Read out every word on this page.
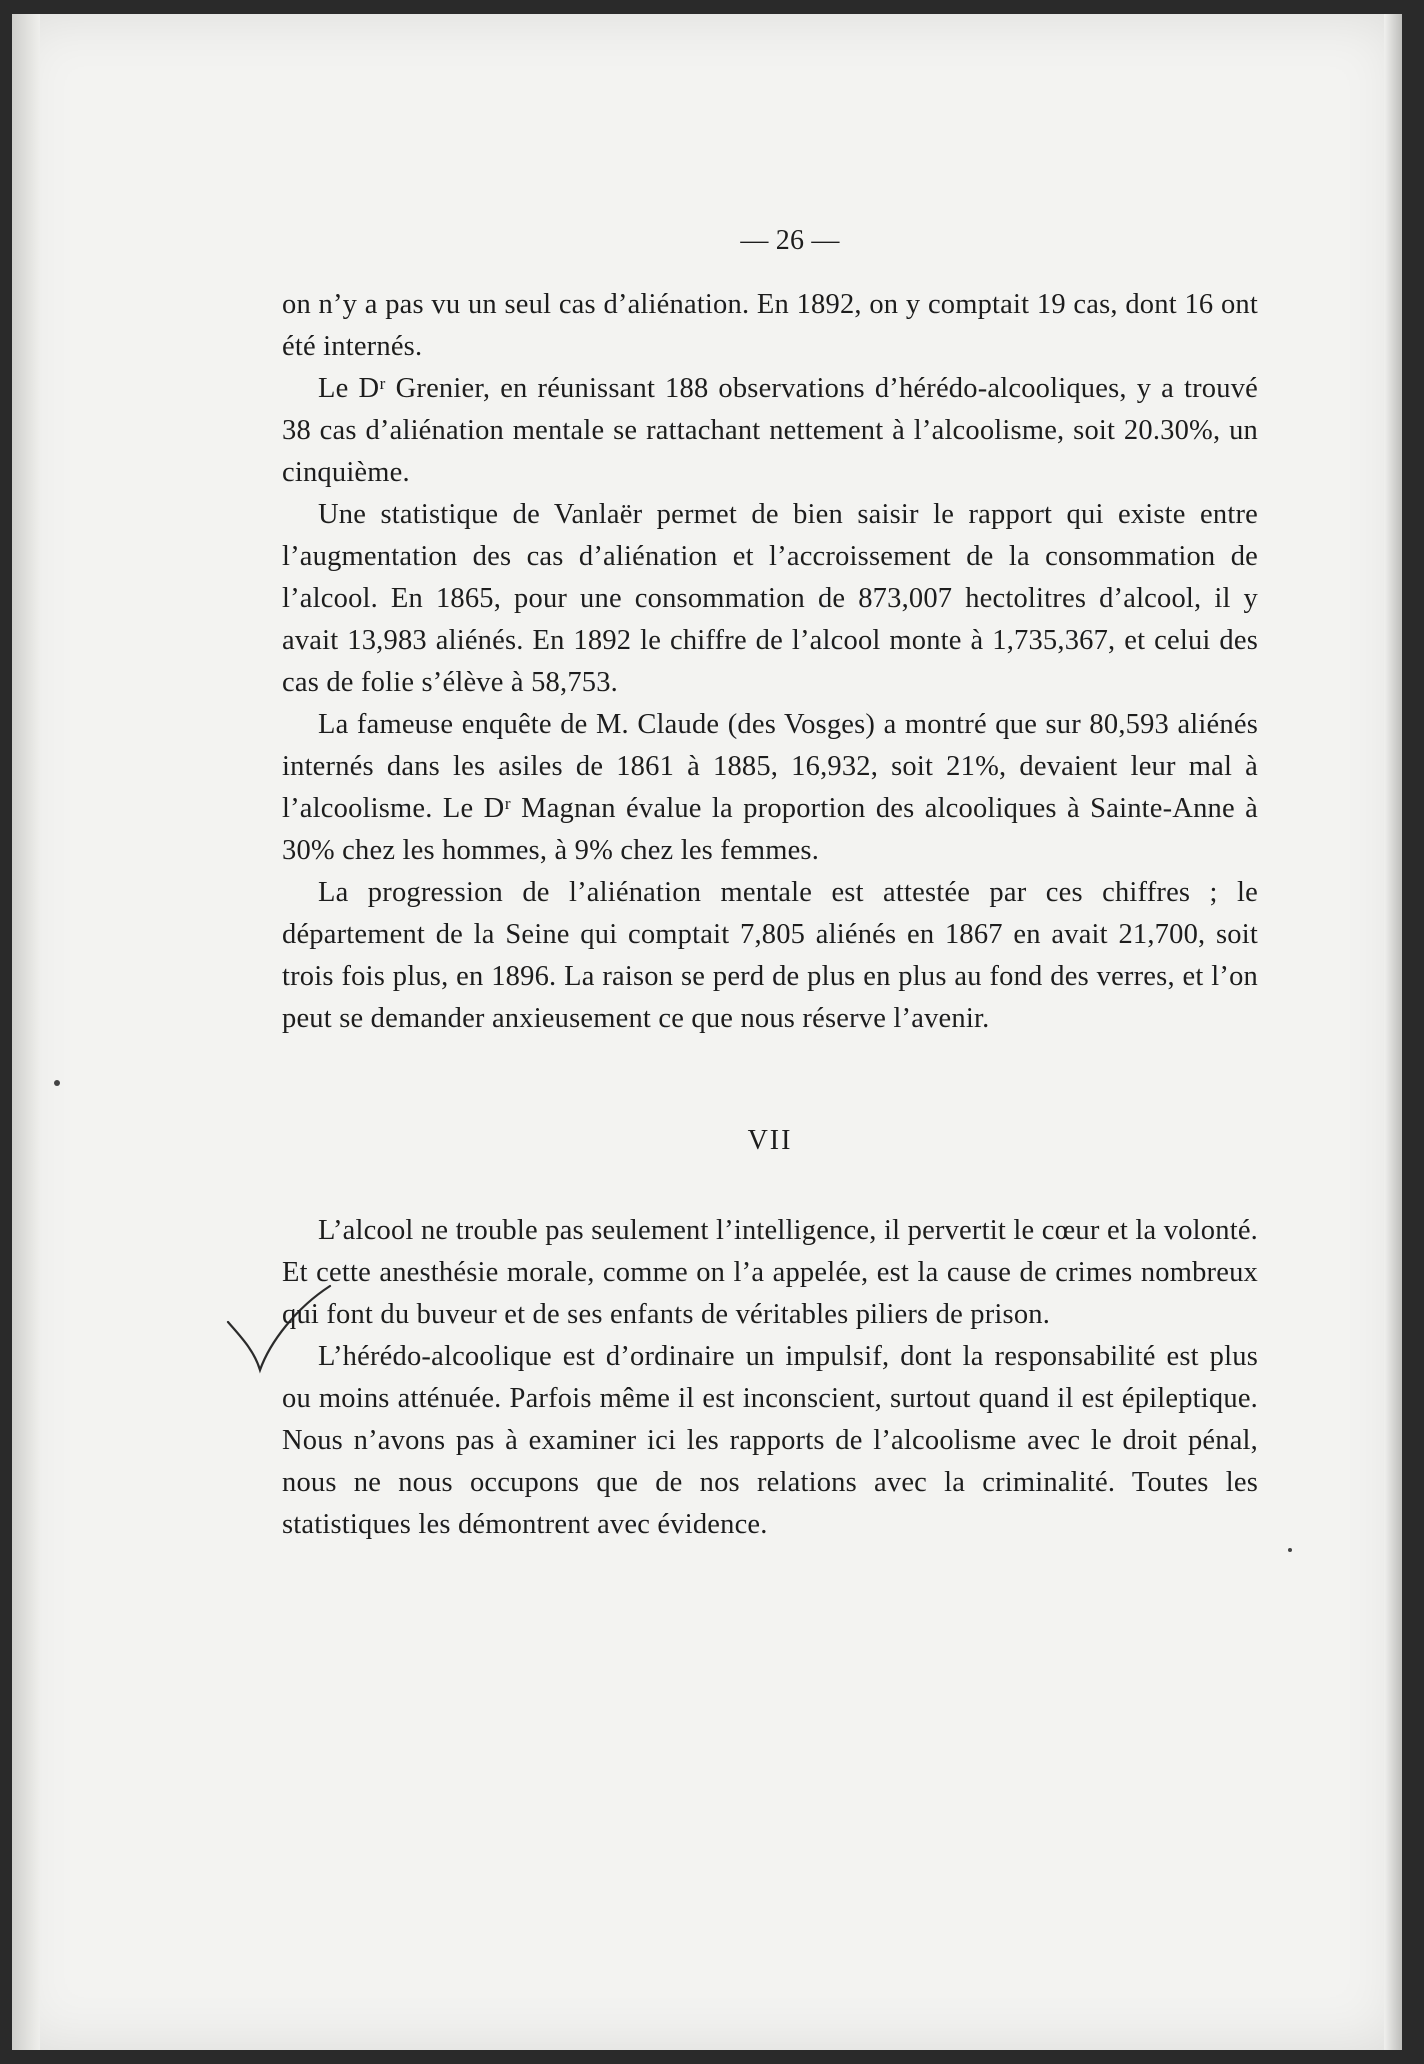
— 26 —

on n’y a pas vu un seul cas d’aliénation. En 1892, on y comptait 19 cas, dont 16 ont été internés.

Le Dʳ Grenier, en réunissant 188 observations d’hérédo-alcooliques, y a trouvé 38 cas d’aliénation mentale se rattachant nettement à l’alcoolisme, soit 20.30%, un cinquième.

Une statistique de Vanlaër permet de bien saisir le rapport qui existe entre l’augmentation des cas d’aliénation et l’accroissement de la consommation de l’alcool. En 1865, pour une consommation de 873,007 hectolitres d’alcool, il y avait 13,983 aliénés. En 1892 le chiffre de l’alcool monte à 1,735,367, et celui des cas de folie s’élève à 58,753.

La fameuse enquête de M. Claude (des Vosges) a montré que sur 80,593 aliénés internés dans les asiles de 1861 à 1885, 16,932, soit 21%, devaient leur mal à l’alcoolisme. Le Dʳ Magnan évalue la proportion des alcooliques à Sainte-Anne à 30% chez les hommes, à 9% chez les femmes.

La progression de l’aliénation mentale est attestée par ces chiffres ; le département de la Seine qui comptait 7,805 aliénés en 1867 en avait 21,700, soit trois fois plus, en 1896. La raison se perd de plus en plus au fond des verres, et l’on peut se demander anxieusement ce que nous réserve l’avenir.

VII

L’alcool ne trouble pas seulement l’intelligence, il pervertit le cœur et la volonté. Et cette anesthésie morale, comme on l’a appelée, est la cause de crimes nombreux qui font du buveur et de ses enfants de véritables piliers de prison.

L’hérédo-alcoolique est d’ordinaire un impulsif, dont la responsabilité est plus ou moins atténuée. Parfois même il est inconscient, surtout quand il est épileptique. Nous n’avons pas à examiner ici les rapports de l’alcoolisme avec le droit pénal, nous ne nous occupons que de nos relations avec la criminalité. Toutes les statistiques les démontrent avec évidence.
